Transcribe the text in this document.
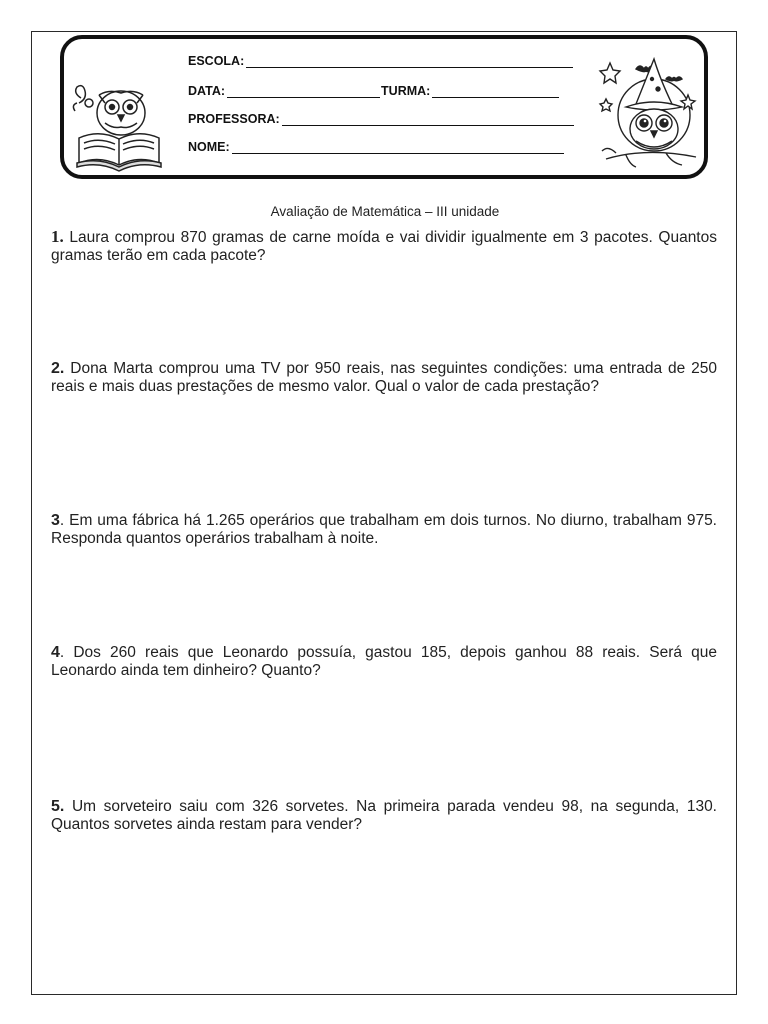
ESCOLA:
DATA:	TURMA:
PROFESSORA:
NOME:
Avaliação de Matemática – III unidade
1. Laura comprou 870 gramas de carne moída e vai dividir igualmente em 3 pacotes. Quantos gramas terão em cada pacote?
2. Dona Marta comprou uma TV por 950 reais, nas seguintes condições: uma entrada de 250 reais e mais duas prestações de mesmo valor. Qual o valor de cada prestação?
3. Em uma fábrica há 1.265 operários que trabalham em dois turnos. No diurno, trabalham 975. Responda quantos operários trabalham à noite.
4. Dos 260 reais que Leonardo possuía, gastou 185, depois ganhou 88 reais. Será que Leonardo ainda tem dinheiro? Quanto?
5. Um sorveteiro saiu com 326 sorvetes. Na primeira parada vendeu 98, na segunda, 130. Quantos sorvetes ainda restam para vender?
